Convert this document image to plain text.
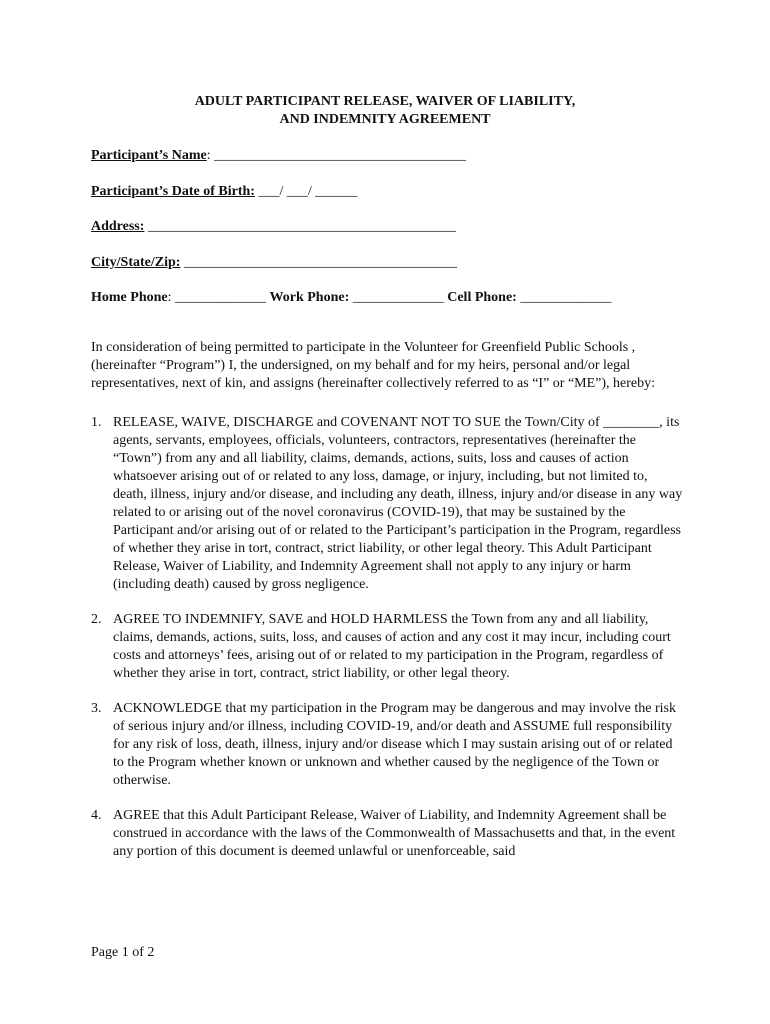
ADULT PARTICIPANT RELEASE, WAIVER OF LIABILITY,
AND INDEMNITY AGREEMENT
Participant’s Name: ____________________________________
Participant’s Date of Birth: ___/ ___/ ______
Address: ____________________________________________
City/State/Zip: _______________________________________
Home Phone: _____________ Work Phone: _____________ Cell Phone: _____________

In consideration of being permitted to participate in the Volunteer for Greenfield Public Schools , (hereinafter “Program”) I, the undersigned, on my behalf and for my heirs, personal and/or legal representatives, next of kin, and assigns (hereinafter collectively referred to as “I” or “ME”), hereby:

1. RELEASE, WAIVE, DISCHARGE and COVENANT NOT TO SUE the Town/City of ________, its agents, servants, employees, officials, volunteers, contractors, representatives (hereinafter the “Town”) from any and all liability, claims, demands, actions, suits, loss and causes of action whatsoever arising out of or related to any loss, damage, or injury, including, but not limited to, death, illness, injury and/or disease, and including any death, illness, injury and/or disease in any way related to or arising out of the novel coronavirus (COVID-19), that may be sustained by the Participant and/or arising out of or related to the Participant’s participation in the Program, regardless of whether they arise in tort, contract, strict liability, or other legal theory. This Adult Participant Release, Waiver of Liability, and Indemnity Agreement shall not apply to any injury or harm (including death) caused by gross negligence.
2. AGREE TO INDEMNIFY, SAVE and HOLD HARMLESS the Town from any and all liability, claims, demands, actions, suits, loss, and causes of action and any cost it may incur, including court costs and attorneys’ fees, arising out of or related to my participation in the Program, regardless of whether they arise in tort, contract, strict liability, or other legal theory.
3. ACKNOWLEDGE that my participation in the Program may be dangerous and may involve the risk of serious injury and/or illness, including COVID-19, and/or death and ASSUME full responsibility for any risk of loss, death, illness, injury and/or disease which I may sustain arising out of or related to the Program whether known or unknown and whether caused by the negligence of the Town or otherwise.
4. AGREE that this Adult Participant Release, Waiver of Liability, and Indemnity Agreement shall be construed in accordance with the laws of the Commonwealth of Massachusetts and that, in the event any portion of this document is deemed unlawful or unenforceable, said
Page 1 of 2
